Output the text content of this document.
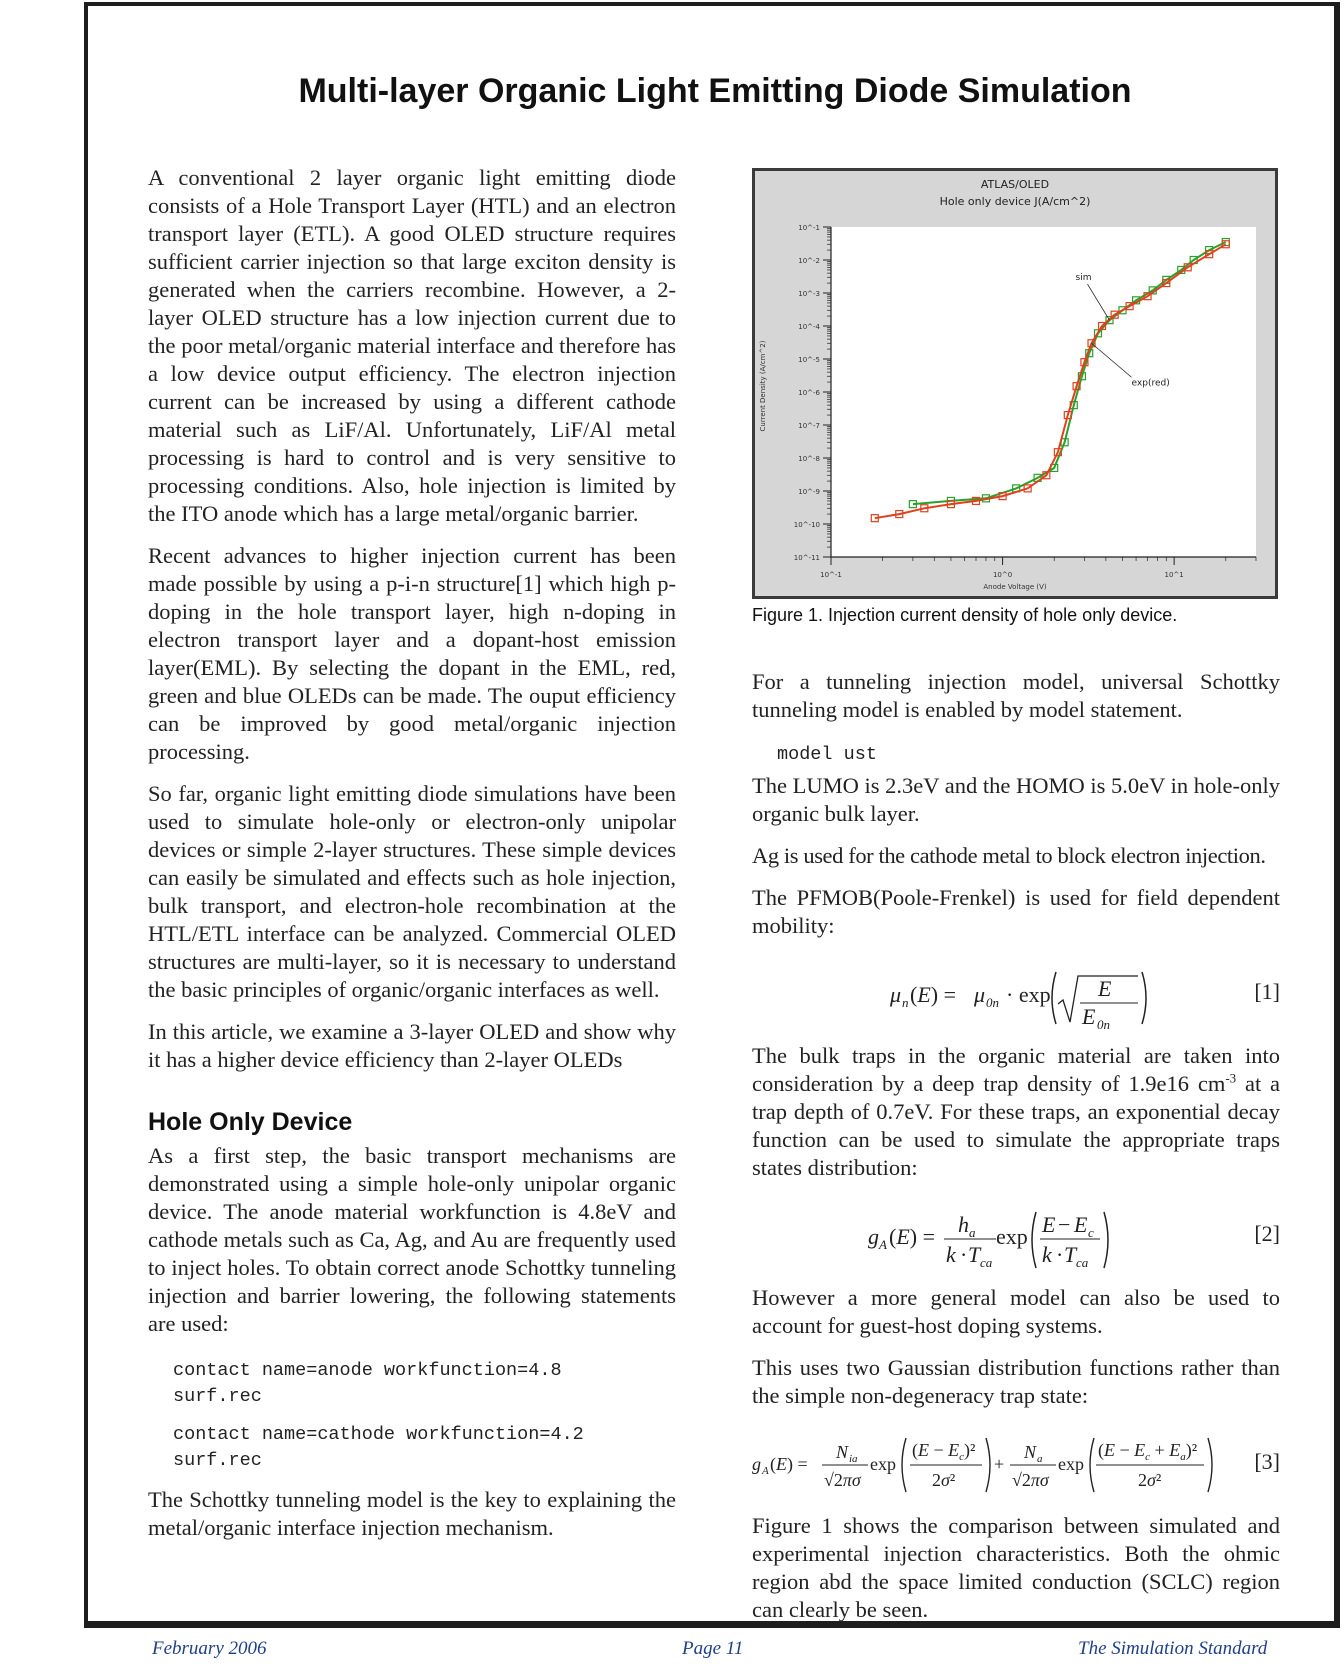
Multi-layer Organic Light Emitting Diode Simulation

A conventional 2 layer organic light emitting diode consists of a Hole Transport Layer (HTL) and an electron transport layer (ETL). A good OLED structure requires sufficient carrier injection so that large exciton density is generated when the carriers recombine. However, a 2-layer OLED structure has a low injection current due to the poor metal/organic material interface and therefore has a low device output efficiency. The electron injection current can be increased by using a different cathode material such as LiF/Al. Unfortunately, LiF/Al metal processing is hard to control and is very sensitive to processing conditions. Also, hole injection is limited by the ITO anode which has a large metal/organic barrier.

Recent advances to higher injection current has been made possible by using a p-i-n structure[1] which high p-doping in the hole transport layer, high n-doping in electron transport layer and a dopant-host emission layer(EML). By selecting the dopant in the EML, red, green and blue OLEDs can be made. The ouput efficiency can be improved by good metal/organic injection processing.

So far, organic light emitting diode simulations have been used to simulate hole-only or electron-only unipolar devices or simple 2-layer structures. These simple devices can easily be simulated and effects such as hole injection, bulk transport, and electron-hole recombination at the HTL/ETL interface can be analyzed. Commercial OLED structures are multi-layer, so it is necessary to understand the basic principles of organic/organic interfaces as well.

In this article, we examine a 3-layer OLED and show why it has a higher device efficiency than 2-layer OLEDs

Hole Only Device

As a first step, the basic transport mechanisms are demonstrated using a simple hole-only unipolar organic device. The anode material workfunction is 4.8eV and cathode metals such as Ca, Ag, and Au are frequently used to inject holes. To obtain correct anode Schottky tunneling injection and barrier lowering, the following statements are used:

contact name=anode workfunction=4.8
surf.rec
contact name=cathode workfunction=4.2
surf.rec

The Schottky tunneling model is the key to explaining the metal/organic interface injection mechanism.

ATLAS/OLED
Hole only device J(A/cm^2)
Anode Voltage (V)
Current Density (A/cm^2)
10^-1
10^-2
10^-3
10^-4
10^-5
10^-6
10^-7
10^-8
10^-9
10^-10
10^-11
10^-1	10^0	10^1
sim
exp(red)
Figure 1. Injection current density of hole only device.

For a tunneling injection model, universal Schottky tunneling model is enabled by model statement.

model ust

The LUMO is 2.3eV and the HOMO is 5.0eV in hole-only organic bulk layer.

Ag is used for the cathode metal to block electron injection.

The PFMOB(Poole-Frenkel) is used for field dependent mobility:

μ n (E) = μ 0n · exp E
E 0n
[1]

The bulk traps in the organic material are taken into consideration by a deep trap density of 1.9e16 $cm^{-3}$ at a trap depth of 0.7eV. For these traps, an exponential decay function can be used to simulate the appropriate traps states distribution:

g A (E) = h a
k · T ca
exp E − E c
k · T ca
[2]

However a more general model can also be used to account for guest-host doping systems.

This uses two Gaussian distribution functions rather than the simple non-degeneracy trap state:

g A (E) =
N ia
√2πσ
exp
$(E - E_c)^2$
2σ²
+
N a
√2πσ
exp
$(E - E_c + E_a)^2$
2σ²
[3]

Figure 1 shows the comparison between simulated and experimental injection characteristics. Both the ohmic region abd the space limited conduction (SCLC) region can clearly be seen.

February 2006	Page 11	The Simulation Standard
